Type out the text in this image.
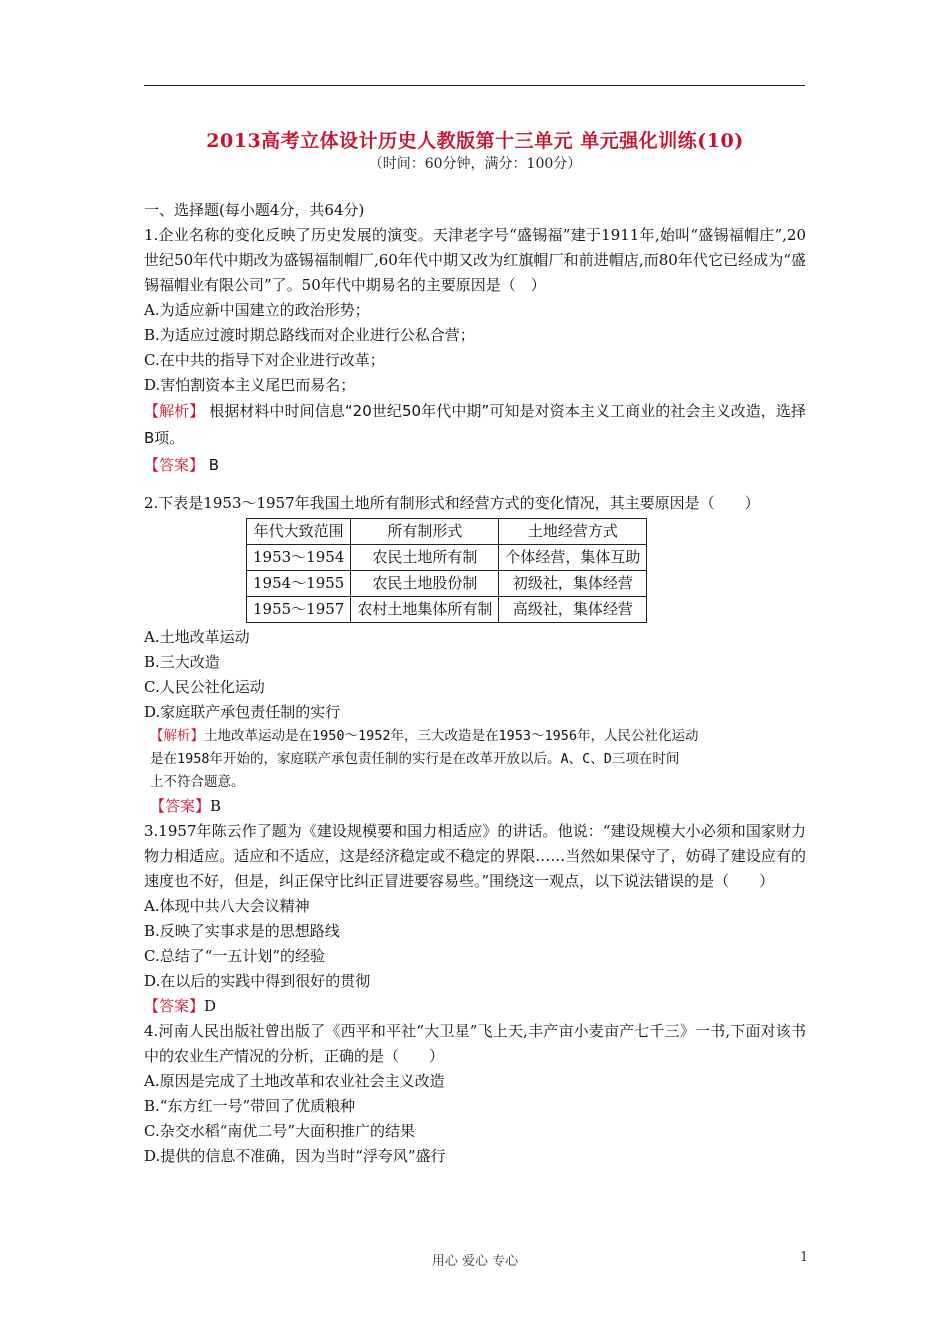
2013高考立体设计历史人教版第十三单元 单元强化训练(10)
（时间：60分钟，满分：100分）
一、选择题(每小题4分，共64分)
1.企业名称的变化反映了历史发展的演变。天津老字号“盛锡福”建于1911年,始叫“盛锡福帽庄”,20世纪50年代中期改为盛锡福制帽厂,60年代中期又改为红旗帽厂和前进帽店,而80年代它已经成为“盛锡福帽业有限公司”了。50年代中期易名的主要原因是（　）
A.为适应新中国建立的政治形势；
B.为适应过渡时期总路线而对企业进行公私合营；
C.在中共的指导下对企业进行改革；
D.害怕割资本主义尾巴而易名；
【解析】 根据材料中时间信息“20世纪50年代中期”可知是对资本主义工商业的社会主义改造，选择B项。
【答案】 B
2.下表是1953～1957年我国土地所有制形式和经营方式的变化情况，其主要原因是（　　）
年代大致范围	所有制形式	土地经营方式
1953～1954	农民土地所有制	个体经营，集体互助
1954～1955	农民土地股份制	初级社，集体经营
1955～1957	农村土地集体所有制	高级社，集体经营
A.土地改革运动
B.三大改造
C.人民公社化运动
D.家庭联产承包责任制的实行
【解析】土地改革运动是在1950～1952年，三大改造是在1953～1956年，人民公社化运动
是在1958年开始的，家庭联产承包责任制的实行是在改革开放以后。A、C、D三项在时间
上不符合题意。
【答案】B
3.1957年陈云作了题为《建设规模要和国力相适应》的讲话。他说：“建设规模大小必须和国家财力物力相适应。适应和不适应，这是经济稳定或不稳定的界限……当然如果保守了，妨碍了建设应有的速度也不好，但是，纠正保守比纠正冒进要容易些。”围绕这一观点，以下说法错误的是（　　）
A.体现中共八大会议精神
B.反映了实事求是的思想路线
C.总结了“一五计划”的经验
D.在以后的实践中得到很好的贯彻
【答案】D
4.河南人民出版社曾出版了《西平和平社“大卫星”飞上天,丰产亩小麦亩产七千三》一书,下面对该书中的农业生产情况的分析，正确的是（　　）
A.原因是完成了土地改革和农业社会主义改造
B.“东方红一号”带回了优质粮种
C.杂交水稻“南优二号”大面积推广的结果
D.提供的信息不准确，因为当时“浮夸风”盛行
用心 爱心 专心	1
